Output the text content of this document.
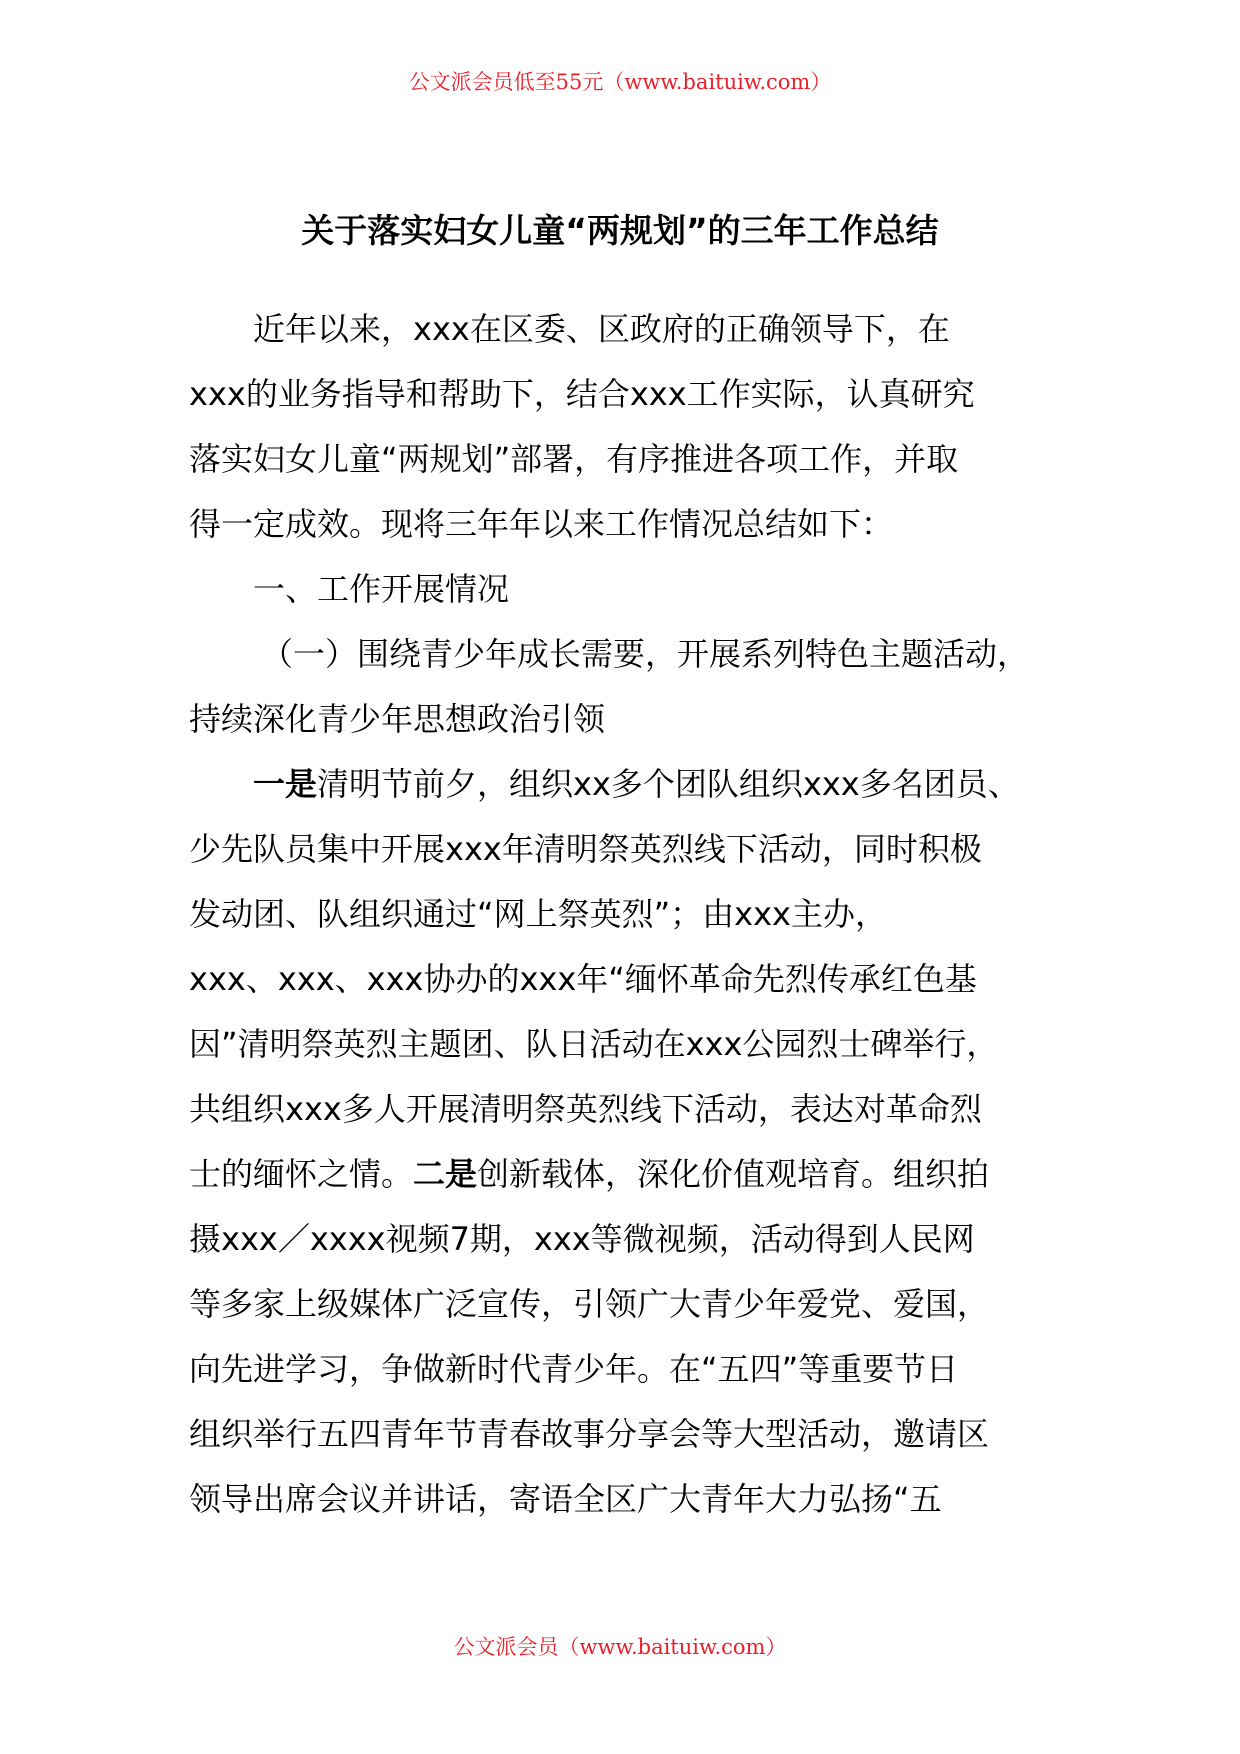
公文派会员低至55元（www.baituiw.com）
关于落实妇女儿童“两规划”的三年工作总结
近年以来，xxx在区委、区政府的正确领导下，在
xxx的业务指导和帮助下，结合xxx工作实际，认真研究
落实妇女儿童“两规划”部署，有序推进各项工作，并取
得一定成效。现将三年年以来工作情况总结如下：
一、工作开展情况
（一）围绕青少年成长需要，开展系列特色主题活动，
持续深化青少年思想政治引领
一是清明节前夕，组织xx多个团队组织xxx多名团员、
少先队员集中开展xxx年清明祭英烈线下活动，同时积极
发动团、队组织通过“网上祭英烈”；由xxx主办，
xxx、xxx、xxx协办的xxx年“缅怀革命先烈传承红色基
因”清明祭英烈主题团、队日活动在xxx公园烈士碑举行，
共组织xxx多人开展清明祭英烈线下活动，表达对革命烈
士的缅怀之情。二是创新载体，深化价值观培育。组织拍
摄xxx／xxxx视频7期，xxx等微视频，活动得到人民网
等多家上级媒体广泛宣传，引领广大青少年爱党、爱国，
向先进学习，争做新时代青少年。在“五四”等重要节日
组织举行五四青年节青春故事分享会等大型活动，邀请区
领导出席会议并讲话，寄语全区广大青年大力弘扬“五
公文派会员（www.baituiw.com）
